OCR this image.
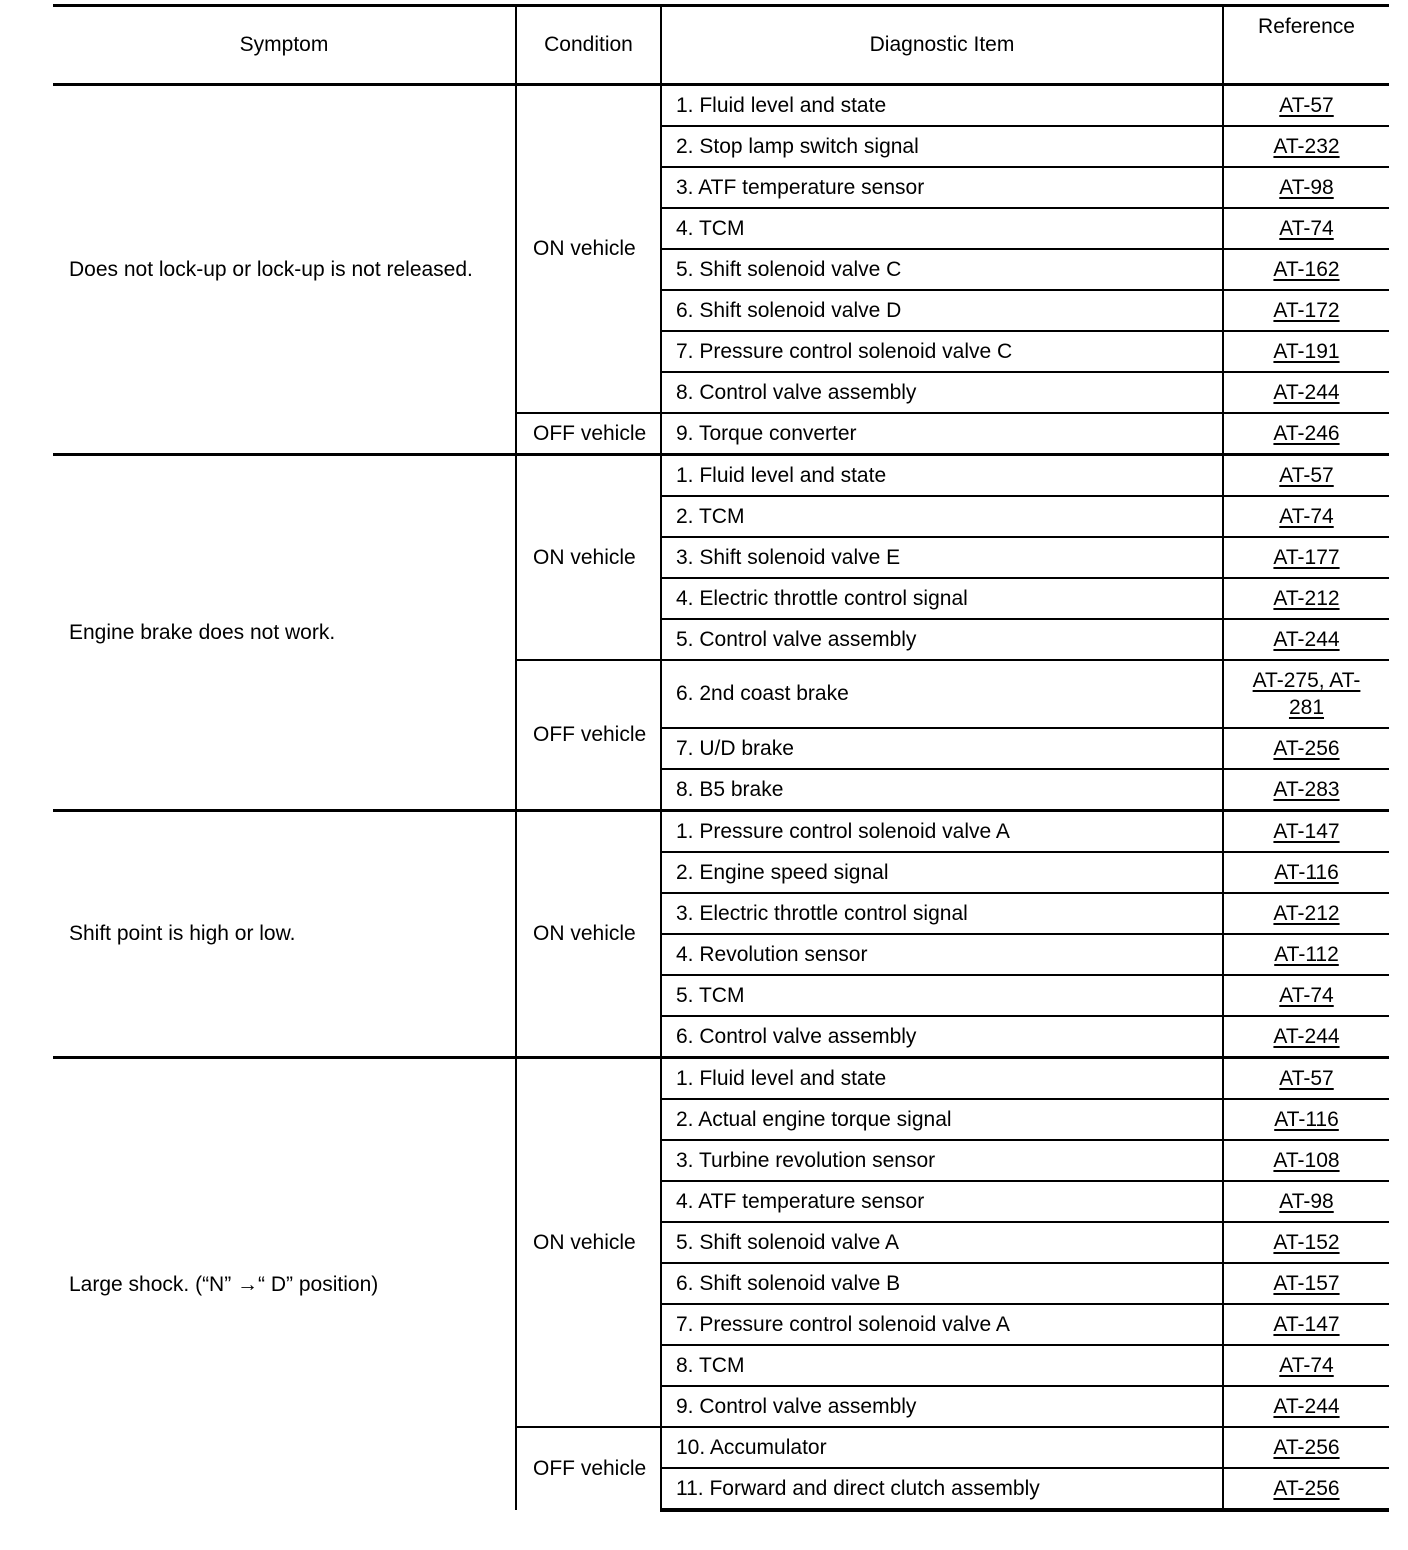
Symptom	Condition	Diagnostic Item	Reference
Does not lock-up or lock-up is not released.	ON vehicle	1. Fluid level and state	AT-57
		2. Stop lamp switch signal	AT-232
		3. ATF temperature sensor	AT-98
		4. TCM	AT-74
		5. Shift solenoid valve C	AT-162
		6. Shift solenoid valve D	AT-172
		7. Pressure control solenoid valve C	AT-191
		8. Control valve assembly	AT-244
	OFF vehicle	9. Torque converter	AT-246
Engine brake does not work.	ON vehicle	1. Fluid level and state	AT-57
		2. TCM	AT-74
		3. Shift solenoid valve E	AT-177
		4. Electric throttle control signal	AT-212
		5. Control valve assembly	AT-244
	OFF vehicle	6. 2nd coast brake	AT-275, AT-281
		7. U/D brake	AT-256
		8. B5 brake	AT-283
Shift point is high or low.	ON vehicle	1. Pressure control solenoid valve A	AT-147
		2. Engine speed signal	AT-116
		3. Electric throttle control signal	AT-212
		4. Revolution sensor	AT-112
		5. TCM	AT-74
		6. Control valve assembly	AT-244
Large shock. (“N” →“ D” position)	ON vehicle	1. Fluid level and state	AT-57
		2. Actual engine torque signal	AT-116
		3. Turbine revolution sensor	AT-108
		4. ATF temperature sensor	AT-98
		5. Shift solenoid valve A	AT-152
		6. Shift solenoid valve B	AT-157
		7. Pressure control solenoid valve A	AT-147
		8. TCM	AT-74
		9. Control valve assembly	AT-244
	OFF vehicle	10. Accumulator	AT-256
		11. Forward and direct clutch assembly	AT-256
